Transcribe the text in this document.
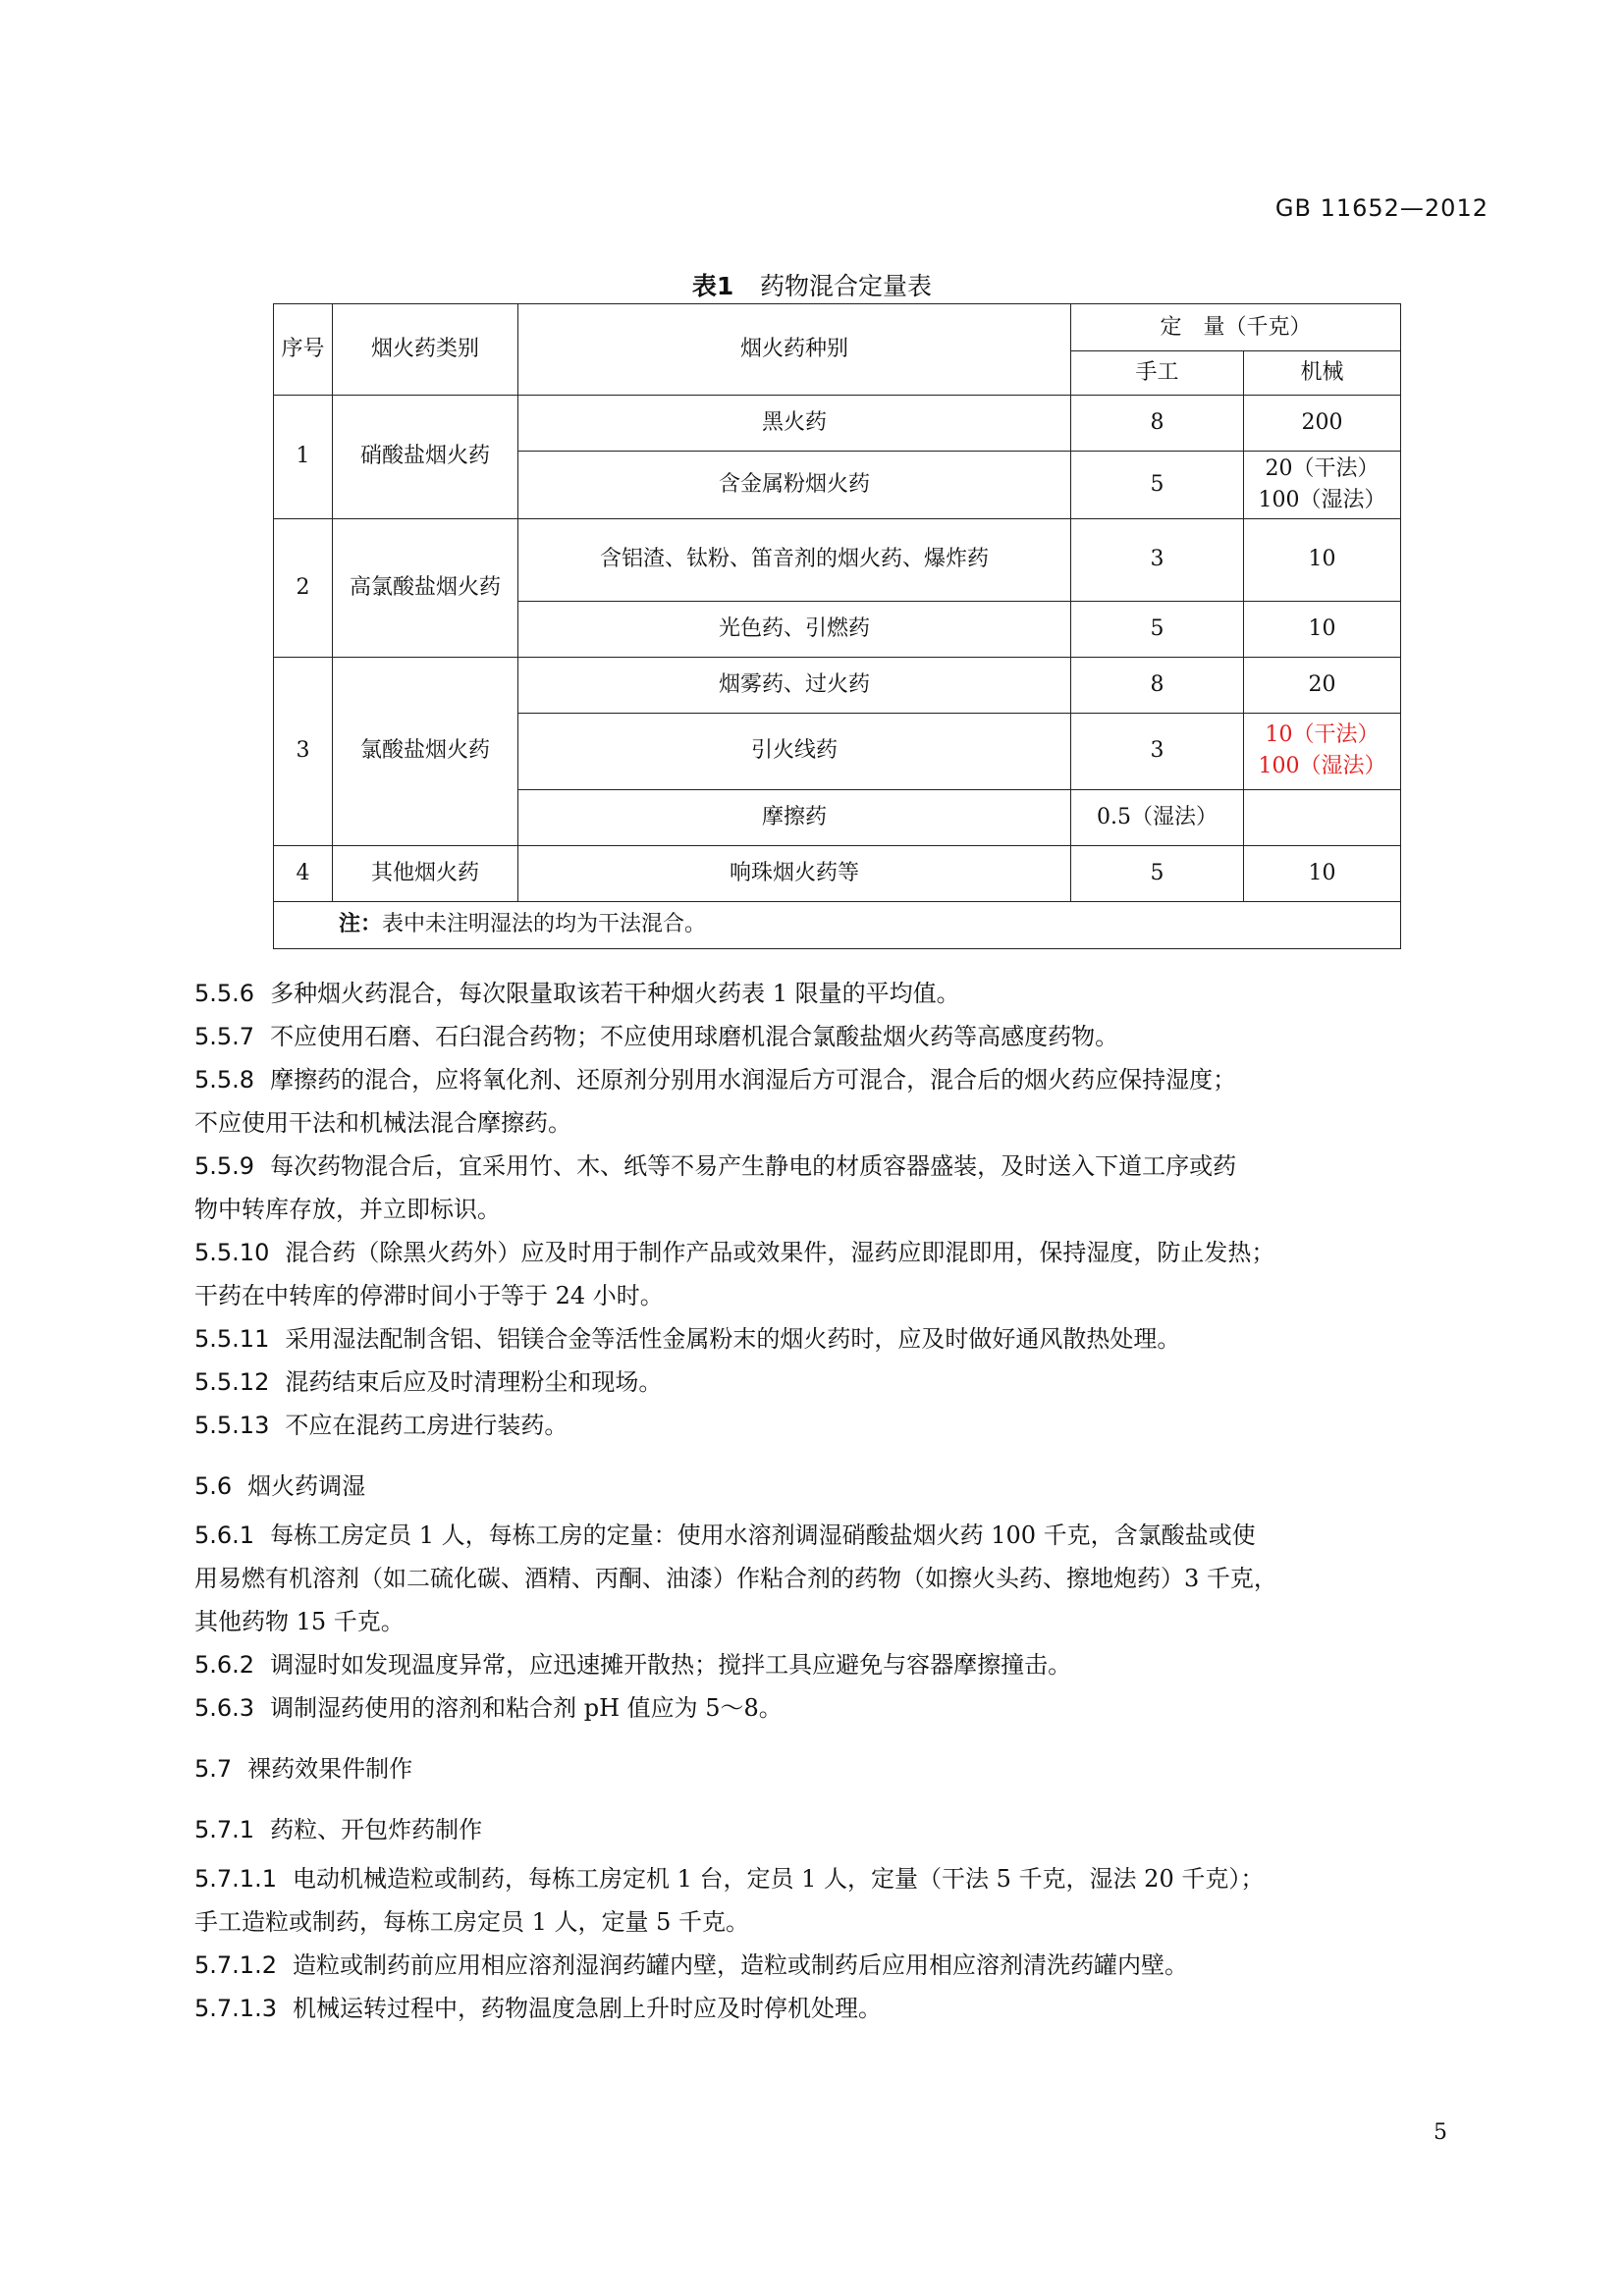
GB 11652—2012
表1 药物混合定量表
序号	烟火药类别	烟火药种别	定　量（千克）	
			手工	机械
1	硝酸盐烟火药	黑火药	8	200
		含金属粉烟火药	5	20（干法）
100（湿法）

2	高氯酸盐烟火药	含铝渣、钛粉、笛音剂的烟火药、爆炸药	3	10
		光色药、引燃药	5	10
3	氯酸盐烟火药	烟雾药、过火药	8	20
		引火线药	3	10（干法）
100（湿法）

		摩擦药	0.5（湿法）	
4	其他烟火药	响珠烟火药等	5	10
注：表中未注明湿法的均为干法混合。				

5.5.6 多种烟火药混合，每次限量取该若干种烟火药表 1 限量的平均值。

5.5.7 不应使用石磨、石臼混合药物；不应使用球磨机混合氯酸盐烟火药等高感度药物。

5.5.8 摩擦药的混合，应将氧化剂、还原剂分别用水润湿后方可混合，混合后的烟火药应保持湿度；

不应使用干法和机械法混合摩擦药。

5.5.9 每次药物混合后，宜采用竹、木、纸等不易产生静电的材质容器盛装，及时送入下道工序或药

物中转库存放，并立即标识。

5.5.10 混合药（除黑火药外）应及时用于制作产品或效果件，湿药应即混即用，保持湿度，防止发热；

干药在中转库的停滞时间小于等于 24 小时。

5.5.11 采用湿法配制含铝、铝镁合金等活性金属粉末的烟火药时，应及时做好通风散热处理。

5.5.12 混药结束后应及时清理粉尘和现场。

5.5.13 不应在混药工房进行装药。

5.6 烟火药调湿

5.6.1 每栋工房定员 1 人，每栋工房的定量：使用水溶剂调湿硝酸盐烟火药 100 千克，含氯酸盐或使

用易燃有机溶剂（如二硫化碳、酒精、丙酮、油漆）作粘合剂的药物（如擦火头药、擦地炮药）3 千克，

其他药物 15 千克。

5.6.2 调湿时如发现温度异常，应迅速摊开散热；搅拌工具应避免与容器摩擦撞击。

5.6.3 调制湿药使用的溶剂和粘合剂 pH 值应为 5～8。

5.7 裸药效果件制作

5.7.1 药粒、开包炸药制作

5.7.1.1 电动机械造粒或制药，每栋工房定机 1 台，定员 1 人，定量（干法 5 千克，湿法 20 千克）；

手工造粒或制药，每栋工房定员 1 人，定量 5 千克。

5.7.1.2 造粒或制药前应用相应溶剂湿润药罐内壁，造粒或制药后应用相应溶剂清洗药罐内壁。

5.7.1.3 机械运转过程中，药物温度急剧上升时应及时停机处理。

5
